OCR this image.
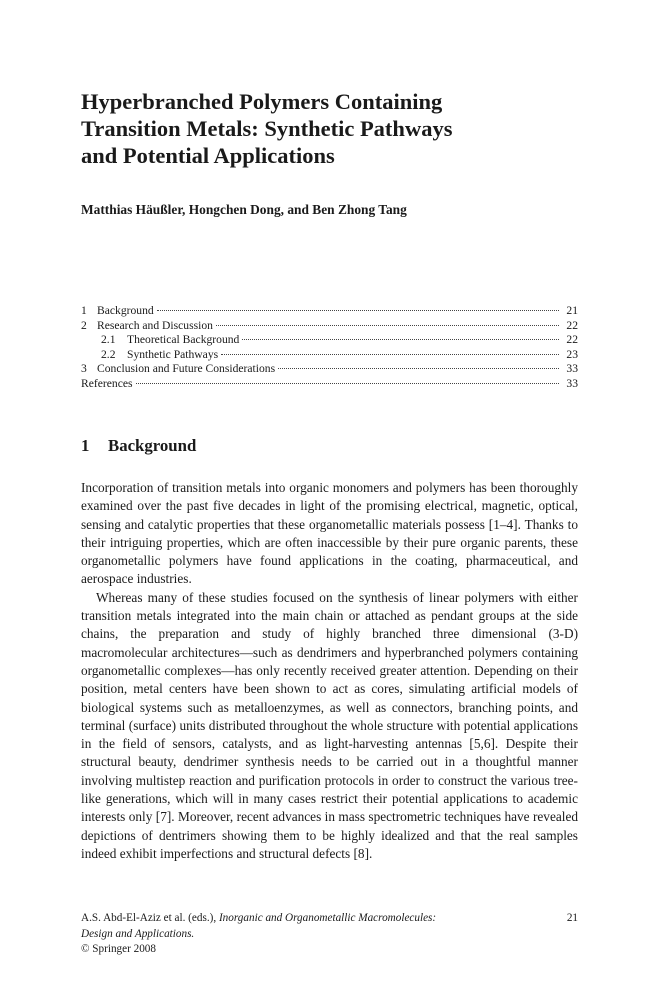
Hyperbranched Polymers Containing
Transition Metals: Synthetic Pathways
and Potential Applications
Matthias Häußler, Hongchen Dong, and Ben Zhong Tang
1 Background	21
2 Research and Discussion	22
2.1 Theoretical Background	22
2.2 Synthetic Pathways	23
3 Conclusion and Future Considerations	33
References	33
1 Background

Incorporation of transition metals into organic monomers and polymers has been thoroughly examined over the past five decades in light of the promising electrical, magnetic, optical, sensing and catalytic properties that these organometallic materials possess [1–4]. Thanks to their intriguing properties, which are often inaccessible by their pure organic parents, these organometallic polymers have found applications in the coating, pharmaceutical, and aerospace industries.

Whereas many of these studies focused on the synthesis of linear polymers with either transition metals integrated into the main chain or attached as pendant groups at the side chains, the preparation and study of highly branched three dimensional (3-D) macromolecular architectures—such as dendrimers and hyperbranched polymers containing organometallic complexes—has only recently received greater attention. Depending on their position, metal centers have been shown to act as cores, simulating artificial models of biological systems such as metalloenzymes, as well as connectors, branching points, and terminal (surface) units distributed throughout the whole structure with potential applications in the field of sensors, catalysts, and as light-harvesting antennas [5,6]. Despite their structural beauty, dendrimer synthesis needs to be carried out in a thoughtful manner involving multistep reaction and purification protocols in order to construct the various tree-like generations, which will in many cases restrict their potential applications to academic interests only [7]. Moreover, recent advances in mass spectrometric techniques have revealed depictions of dentrimers showing them to be highly idealized and that the real samples indeed exhibit imperfections and structural defects [8].

A.S. Abd-El-Aziz et al. (eds.), Inorganic and Organometallic Macromolecules:
Design and Applications.
© Springer 2008
21
